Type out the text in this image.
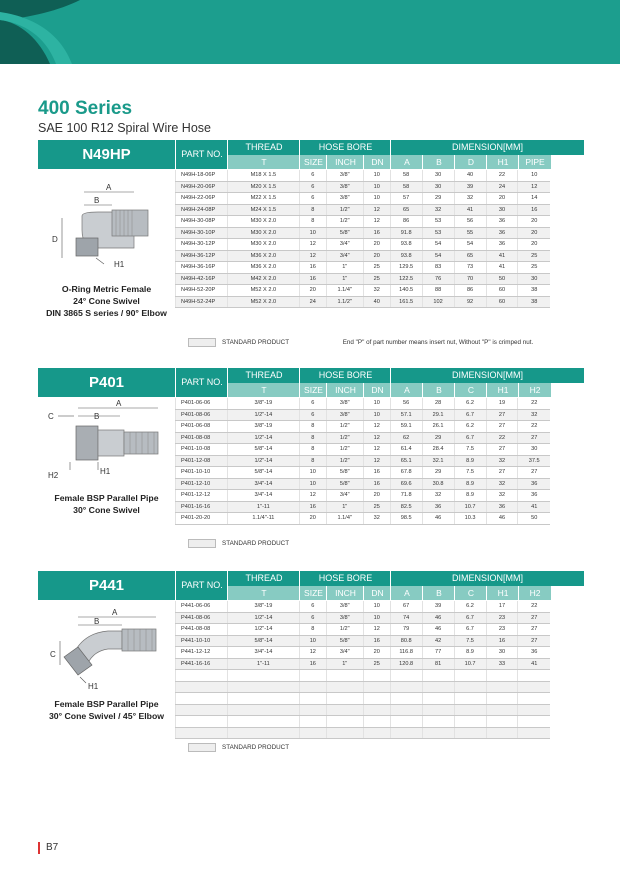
400 Series
SAE 100 R12 Spiral Wire Hose
N49HP	PART NO.
THREAD	HOSE BORE	DIMENSION[MM]
T	SIZE	INCH	DN	A	B	D	H1	PIPE
N49H-18-06P	M18 X 1.5	6	3/8"	10	58	30	40	22	10
N49H-20-06P	M20 X 1.5	6	3/8"	10	58	30	39	24	12
N49H-22-06P	M22 X 1.5	6	3/8"	10	57	29	32	20	14
N49H-24-08P	M24 X 1.5	8	1/2"	12	65	32	41	30	16
N49H-30-08P	M30 X 2.0	8	1/2"	12	86	53	56	36	20
N49H-30-10P	M30 X 2.0	10	5/8"	16	91.8	53	55	36	20
N49H-30-12P	M30 X 2.0	12	3/4"	20	93.8	54	54	36	20
N49H-36-12P	M36 X 2.0	12	3/4"	20	93.8	54	65	41	25
N49H-36-16P	M36 X 2.0	16	1"	25	129.5	83	73	41	25
N49H-42-16P	M42 X 2.0	16	1"	25	122.5	76	70	50	30
N49H-52-20P	M52 X 2.0	20	1.1/4"	32	140.5	88	86	60	38
N49H-52-24P	M52 X 2.0	24	1.1/2"	40	161.5	102	92	60	38
A
B
D
H1
O-Ring Metric Female
24° Cone Swivel
DIN 3865 S series / 90° Elbow
STANDARD PRODUCT	End "P" of part number means insert nut, Without "P" is crimped nut.
P401	PART NO.
THREAD	HOSE BORE	DIMENSION[MM]
T	SIZE	INCH	DN	A	B	C	H1	H2
P401-06-06	3/8"-19	6	3/8"	10	56	28	6.2	19	22
P401-08-06	1/2"-14	6	3/8"	10	57.1	29.1	6.7	27	32
P401-06-08	3/8"-19	8	1/2"	12	59.1	26.1	6.2	27	22
P401-08-08	1/2"-14	8	1/2"	12	62	29	6.7	22	27
P401-10-08	5/8"-14	8	1/2"	12	61.4	28.4	7.5	27	30
P401-12-08	1/2"-14	8	1/2"	12	65.1	32.1	8.9	32	37.5
P401-10-10	5/8"-14	10	5/8"	16	67.8	29	7.5	27	27
P401-12-10	3/4"-14	10	5/8"	16	69.6	30.8	8.9	32	36
P401-12-12	3/4"-14	12	3/4"	20	71.8	32	8.9	32	36
P401-16-16	1"-11	16	1"	25	82.5	36	10.7	36	41
P401-20-20	1.1/4"-11	20	1.1/4"	32	98.5	46	10.3	46	50
A
C	B
H2	H1
Female BSP Parallel Pipe
30° Cone Swivel
STANDARD PRODUCT
P441	PART NO.
THREAD	HOSE BORE	DIMENSION[MM]
T	SIZE	INCH	DN	A	B	C	H1	H2
P441-06-06	3/8"-19	6	3/8"	10	67	39	6.2	17	22
P441-08-06	1/2"-14	6	3/8"	10	74	46	6.7	23	27
P441-08-08	1/2"-14	8	1/2"	12	79	46	6.7	23	27
P441-10-10	5/8"-14	10	5/8"	16	80.8	42	7.5	16	27
P441-12-12	3/4"-14	12	3/4"	20	116.8	77	8.9	30	36
P441-16-16	1"-11	16	1"	25	120.8	81	10.7	33	41

A
B
C
H1
Female BSP Parallel Pipe
30° Cone Swivel / 45° Elbow
STANDARD PRODUCT
B7
